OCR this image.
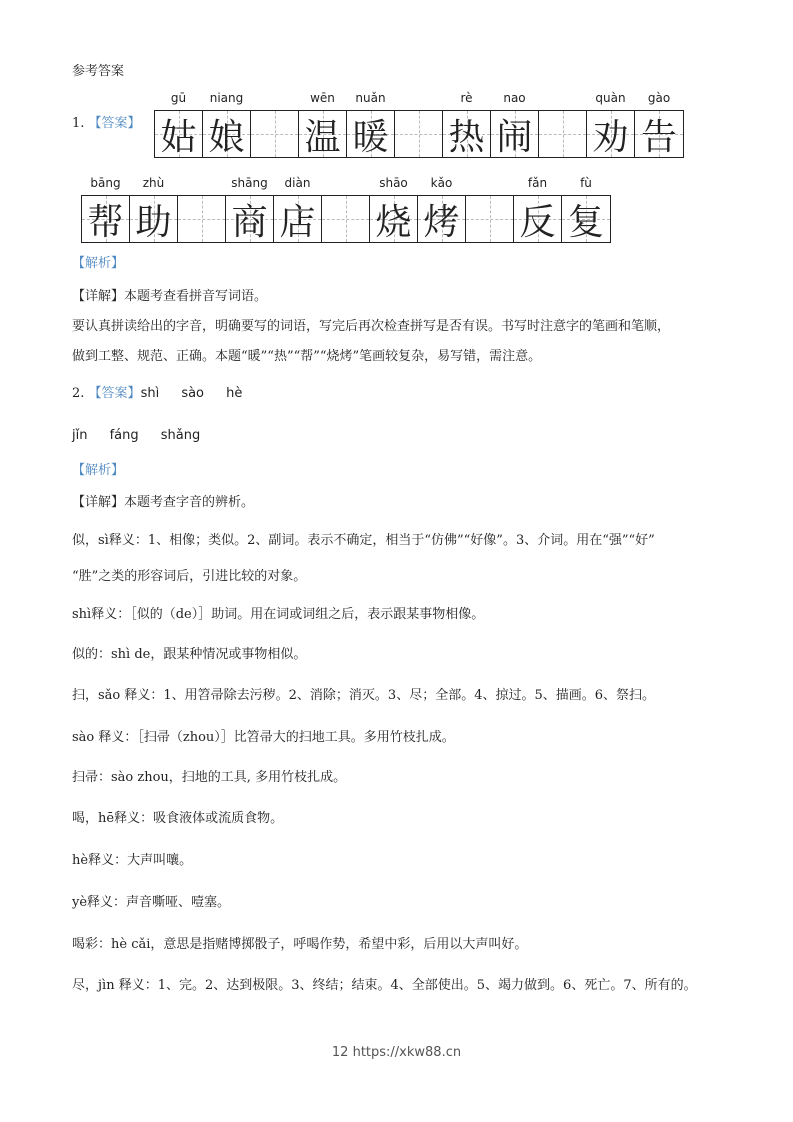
参考答案
1. 【答案】
gū
姑
niang
娘
wēn
温
nuǎn
暖
rè
热
nao
闹
quàn
劝
gào
告
bāng
帮
zhù
助
shāng
商
diàn
店
shāo
烧
kǎo
烤
fǎn
反
fù
复
【解析】
【详解】本题考查看拼音写词语。
要认真拼读给出的字音，明确要写的词语，写完后再次检查拼写是否有误。书写时注意字的笔画和笔顺，
做到工整、规范、正确。本题“暖”“热”“帮”“烧烤”笔画较复杂，易写错，需注意。
2. 【答案】shì sào hè
jǐn fáng shǎng
【解析】
【详解】本题考查字音的辨析。
似，sì释义：1、相像；类似。2、副词。表示不确定，相当于“仿佛”“好像”。3、介词。用在“强”“好”
“胜”之类的形容词后，引进比较的对象。
shì释义：［似的（de）］助词。用在词或词组之后，表示跟某事物相像。
似的：shì de，跟某种情况或事物相似。
扫，sǎo 释义：1、用笤帚除去污秽。2、消除；消灭。3、尽；全部。4、掠过。5、描画。6、祭扫。
sào 释义：［扫帚（zhou）］比笤帚大的扫地工具。多用竹枝扎成。
扫帚：sào zhou，扫地的工具, 多用竹枝扎成。
喝，hē释义：吸食液体或流质食物。
hè释义：大声叫嚷。
yè释义：声音嘶哑、噎塞。
喝彩：hè cǎi，意思是指赌博掷骰子，呼喝作势，希望中彩，后用以大声叫好。
尽，jìn 释义：1、完。2、达到极限。3、终结；结束。4、全部使出。5、竭力做到。6、死亡。7、所有的。
12 https://xkw88.cn
